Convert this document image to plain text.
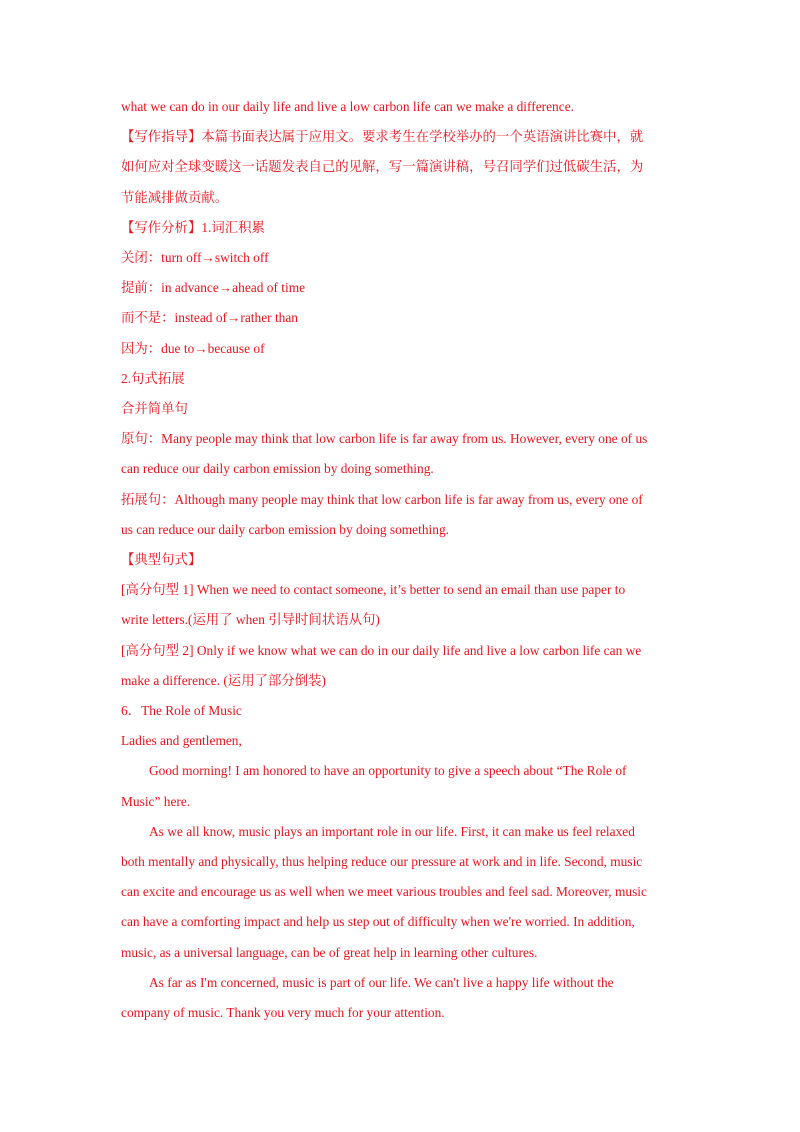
what we can do in our daily life and live a low carbon life can we make a difference.

【写作指导】本篇书面表达属于应用文。要求考生在学校举办的一个英语演讲比赛中，就

如何应对全球变暖这一话题发表自己的见解，写一篇演讲稿，号召同学们过低碳生活，为

节能减排做贡献。

【写作分析】1.词汇积累

关闭：turn off→switch off

提前：in advance→ahead of time

而不是：instead of→rather than

因为：due to→because of

2.句式拓展

合并简单句

原句：Many people may think that low carbon life is far away from us. However, every one of us

can reduce our daily carbon emission by doing something.

拓展句：Although many people may think that low carbon life is far away from us, every one of

us can reduce our daily carbon emission by doing something.

【典型句式】

[高分句型 1] When we need to contact someone, it’s better to send an email than use paper to

write letters.(运用了 when 引导时间状语从句)

[高分句型 2] Only if we know what we can do in our daily life and live a low carbon life can we

make a difference. (运用了部分倒装)

6．The Role of Music

Ladies and gentlemen,

Good morning! I am honored to have an opportunity to give a speech about “The Role of

Music” here.

As we all know, music plays an important role in our life. First, it can make us feel relaxed

both mentally and physically, thus helping reduce our pressure at work and in life. Second, music

can excite and encourage us as well when we meet various troubles and feel sad. Moreover, music

can have a comforting impact and help us step out of difficulty when we're worried. In addition,

music, as a universal language, can be of great help in learning other cultures.

As far as I'm concerned, music is part of our life. We can't live a happy life without the

company of music. Thank you very much for your attention.
